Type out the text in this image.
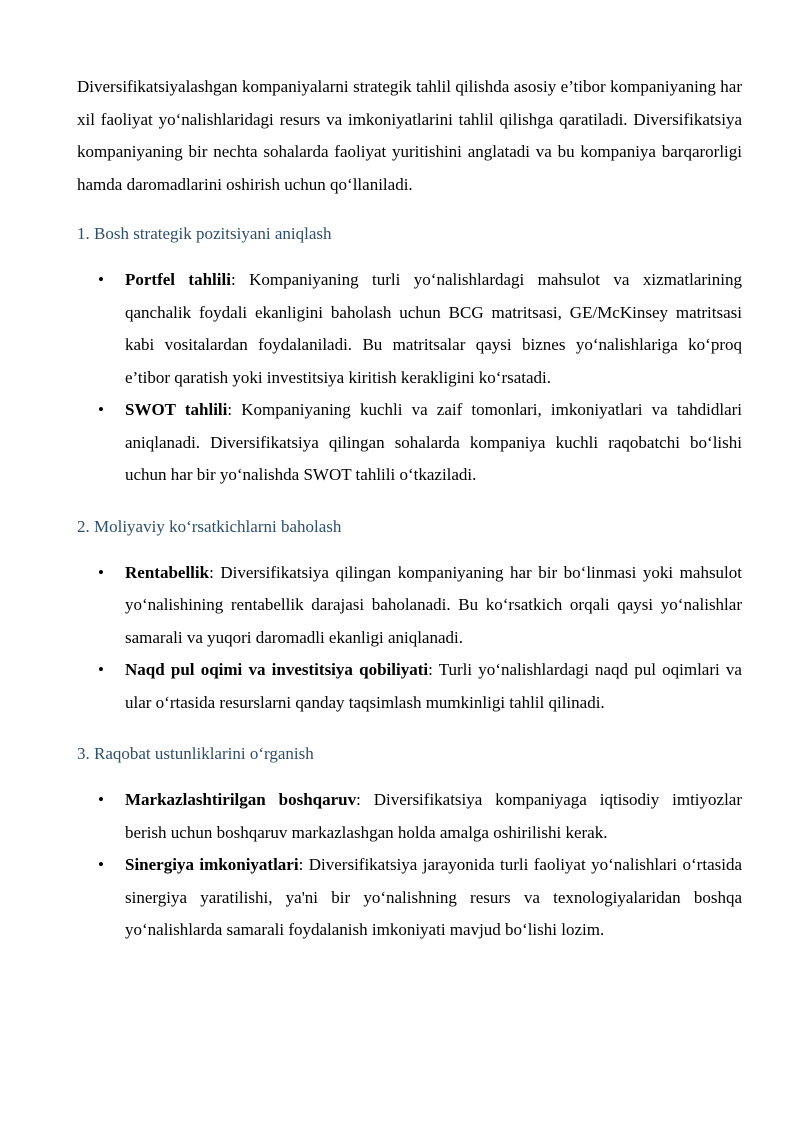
Diversifikatsiyalashgan kompaniyalarni strategik tahlil qilishda asosiy e’tibor kompaniyaning har xil faoliyat yo‘nalishlaridagi resurs va imkoniyatlarini tahlil qilishga qaratiladi. Diversifikatsiya kompaniyaning bir nechta sohalarda faoliyat yuritishini anglatadi va bu kompaniya barqarorligi hamda daromadlarini oshirish uchun qo‘llaniladi.

1. Bosh strategik pozitsiyani aniqlash
• Portfel tahlili: Kompaniyaning turli yo‘nalishlardagi mahsulot va xizmatlarining qanchalik foydali ekanligini baholash uchun BCG matritsasi, GE/McKinsey matritsasi kabi vositalardan foydalaniladi. Bu matritsalar qaysi biznes yo‘nalishlariga ko‘proq e’tibor qaratish yoki investitsiya kiritish kerakligini ko‘rsatadi.
• SWOT tahlili: Kompaniyaning kuchli va zaif tomonlari, imkoniyatlari va tahdidlari aniqlanadi. Diversifikatsiya qilingan sohalarda kompaniya kuchli raqobatchi bo‘lishi uchun har bir yo‘nalishda SWOT tahlili o‘tkaziladi.
2. Moliyaviy ko‘rsatkichlarni baholash
• Rentabellik: Diversifikatsiya qilingan kompaniyaning har bir bo‘linmasi yoki mahsulot yo‘nalishining rentabellik darajasi baholanadi. Bu ko‘rsatkich orqali qaysi yo‘nalishlar samarali va yuqori daromadli ekanligi aniqlanadi.
• Naqd pul oqimi va investitsiya qobiliyati: Turli yo‘nalishlardagi naqd pul oqimlari va ular o‘rtasida resurslarni qanday taqsimlash mumkinligi tahlil qilinadi.
3. Raqobat ustunliklarini o‘rganish
• Markazlashtirilgan boshqaruv: Diversifikatsiya kompaniyaga iqtisodiy imtiyozlar berish uchun boshqaruv markazlashgan holda amalga oshirilishi kerak.
• Sinergiya imkoniyatlari: Diversifikatsiya jarayonida turli faoliyat yo‘nalishlari o‘rtasida sinergiya yaratilishi, ya'ni bir yo‘nalishning resurs va texnologiyalaridan boshqa yo‘nalishlarda samarali foydalanish imkoniyati mavjud bo‘lishi lozim.
